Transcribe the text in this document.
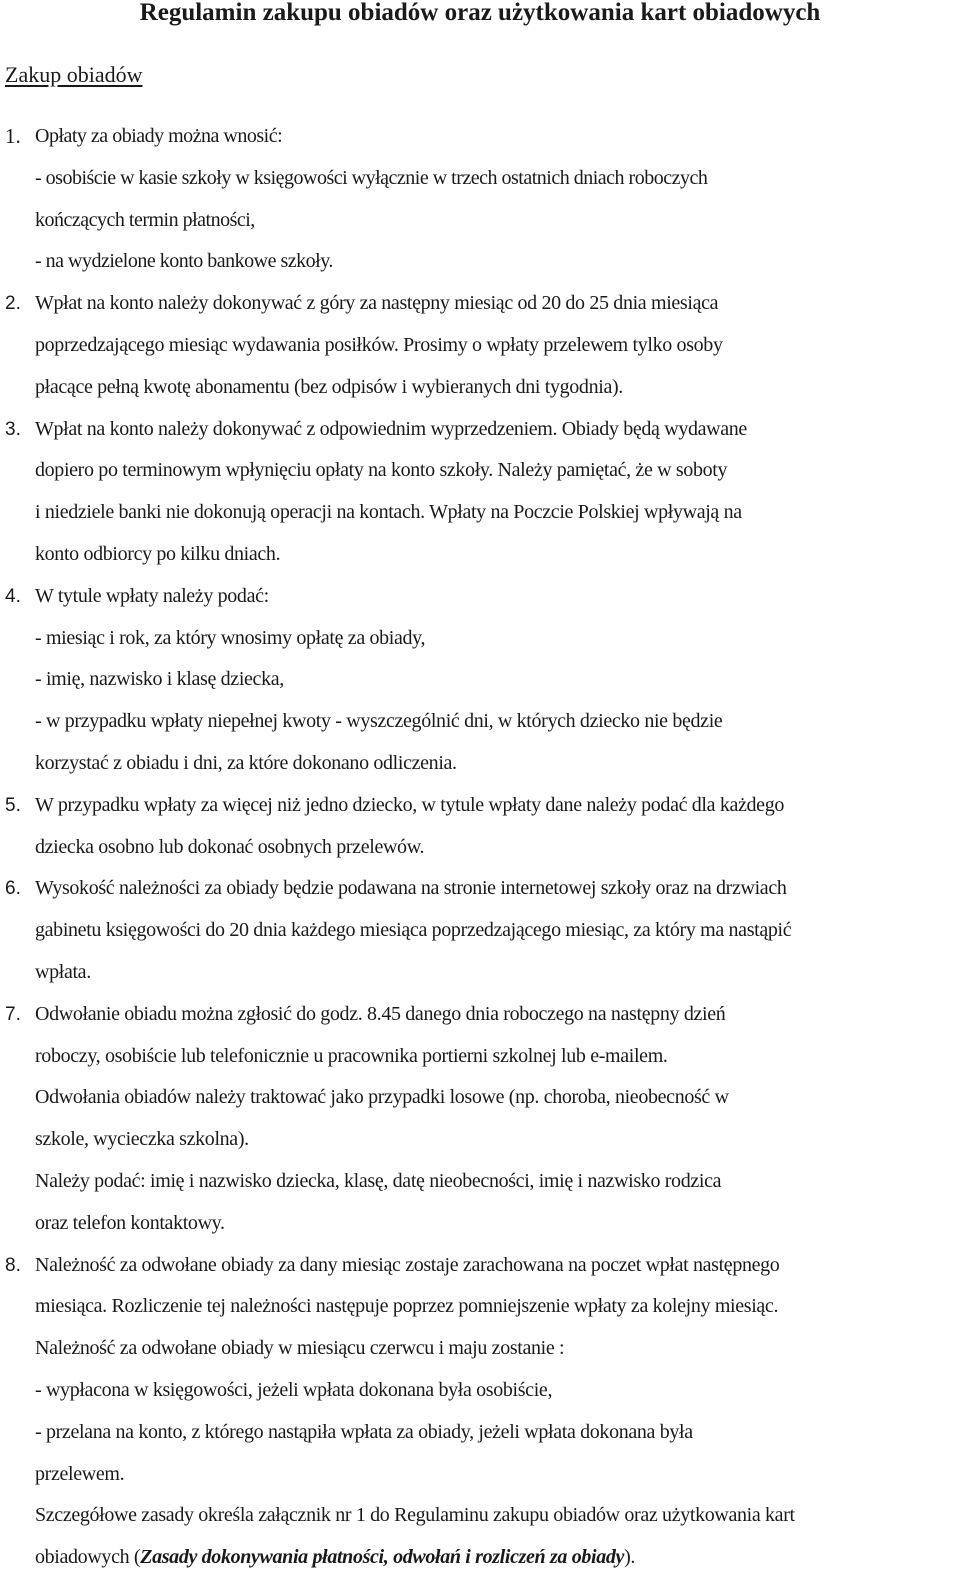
Regulamin zakupu obiadów oraz użytkowania kart obiadowych
Zakup obiadów
1. Opłaty za obiady można wnosić:
- osobiście w kasie szkoły w księgowości wyłącznie w trzech ostatnich dniach roboczych
kończących termin płatności,
- na wydzielone konto bankowe szkoły.
2. Wpłat na konto należy dokonywać z góry za następny miesiąc od 20 do 25 dnia miesiąca
poprzedzającego miesiąc wydawania posiłków. Prosimy o wpłaty przelewem tylko osoby
płacące pełną kwotę abonamentu (bez odpisów i wybieranych dni tygodnia).
3. Wpłat na konto należy dokonywać z odpowiednim wyprzedzeniem. Obiady będą wydawane
dopiero po terminowym wpłynięciu opłaty na konto szkoły. Należy pamiętać, że w soboty
i niedziele banki nie dokonują operacji na kontach. Wpłaty na Poczcie Polskiej wpływają na
konto odbiorcy po kilku dniach.
4. W tytule wpłaty należy podać:
- miesiąc i rok, za który wnosimy opłatę za obiady,
- imię, nazwisko i klasę dziecka,
- w przypadku wpłaty niepełnej kwoty - wyszczególnić dni, w których dziecko nie będzie
korzystać z obiadu i dni, za które dokonano odliczenia.
5. W przypadku wpłaty za więcej niż jedno dziecko, w tytule wpłaty dane należy podać dla każdego
dziecka osobno lub dokonać osobnych przelewów.
6. Wysokość należności za obiady będzie podawana na stronie internetowej szkoły oraz na drzwiach
gabinetu księgowości do 20 dnia każdego miesiąca poprzedzającego miesiąc, za który ma nastąpić
wpłata.
7. Odwołanie obiadu można zgłosić do godz. 8.45 danego dnia roboczego na następny dzień
roboczy, osobiście lub telefonicznie u pracownika portierni szkolnej lub e-mailem.
Odwołania obiadów należy traktować jako przypadki losowe (np. choroba, nieobecność w
szkole, wycieczka szkolna).
Należy podać: imię i nazwisko dziecka, klasę, datę nieobecności, imię i nazwisko rodzica
oraz telefon kontaktowy.
8. Należność za odwołane obiady za dany miesiąc zostaje zarachowana na poczet wpłat następnego
miesiąca. Rozliczenie tej należności następuje poprzez pomniejszenie wpłaty za kolejny miesiąc.
Należność za odwołane obiady w miesiącu czerwcu i maju zostanie :
- wypłacona w księgowości, jeżeli wpłata dokonana była osobiście,
- przelana na konto, z którego nastąpiła wpłata za obiady, jeżeli wpłata dokonana była
przelewem.
Szczegółowe zasady określa załącznik nr 1 do Regulaminu zakupu obiadów oraz użytkowania kart
obiadowych (Zasady dokonywania płatności, odwołań i rozliczeń za obiady).
